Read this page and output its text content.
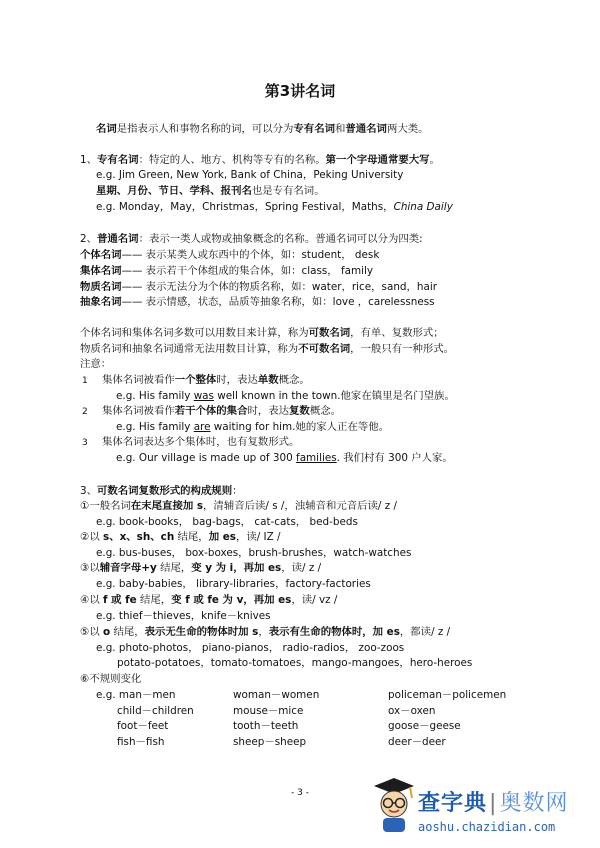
第3讲名词
名词是指表示人和事物名称的词，可以分为专有名词和普通名词两大类。
1、专有名词：特定的人、地方、机构等专有的名称。第一个字母通常要大写。
e.g. Jim Green, New York, Bank of China，Peking University
星期、月份、节日、学科、报刊名也是专有名词。
e.g. Monday，May，Christmas，Spring Festival，Maths，China Daily
2、普通名词：表示一类人或物或抽象概念的名称。普通名词可以分为四类:
个体名词—— 表示某类人或东西中的个体，如：student， desk
集体名词—— 表示若干个体组成的集合体，如：class， family
物质名词—— 表示无法分为个体的物质名称，如：water，rice，sand，hair
抽象名词—— 表示情感，状态，品质等抽象名称，如：love ，carelessness
个体名词和集体名词多数可以用数目来计算，称为可数名词，有单、复数形式；
物质名词和抽象名词通常无法用数目计算，称为不可数名词，一般只有一种形式。
注意：
1 集体名词被看作一个整体时，表达单数概念。
e.g. His family was well known in the town.他家在镇里是名门望族。
2 集体名词被看作若干个体的集合时，表达复数概念。
e.g. His family are waiting for him.她的家人正在等他。
3 集体名词表达多个集体时，也有复数形式。
e.g. Our village is made up of 300 families. 我们村有 300 户人家。
3、可数名词复数形式的构成规则：
①一般名词在末尾直接加 s，清辅音后读/ s /，浊辅音和元音后读/ z /
e.g. book-books， bag-bags， cat-cats， bed-beds
②以 s、x、sh、ch 结尾，加 es，读/ IZ /
e.g. bus-buses， box-boxes，brush-brushes，watch-watches
③以辅音字母+y 结尾，变 y 为 i，再加 es，读/ z /
e.g. baby-babies， library-libraries，factory-factories
④以 f 或 fe 结尾，变 f 或 fe 为 v，再加 es，读/ vz /
e.g. thief－thieves，knife－knives
⑤以 o 结尾，表示无生命的物体时加 s，表示有生命的物体时，加 es，都读/ z /
e.g. photo-photos， piano-pianos， radio-radios， zoo-zoos
potato-potatoes，tomato-tomatoes，mango-mangoes，hero-heroes
⑥不规则变化
e.g. man－men	woman－women	policeman－policemen
child－children	mouse－mice	ox－oxen
foot－feet	tooth－teeth	goose－geese
fish－fish	sheep－sheep	deer－deer
- 3 -	查字典|奥数网
aoshu.chazidian.com
